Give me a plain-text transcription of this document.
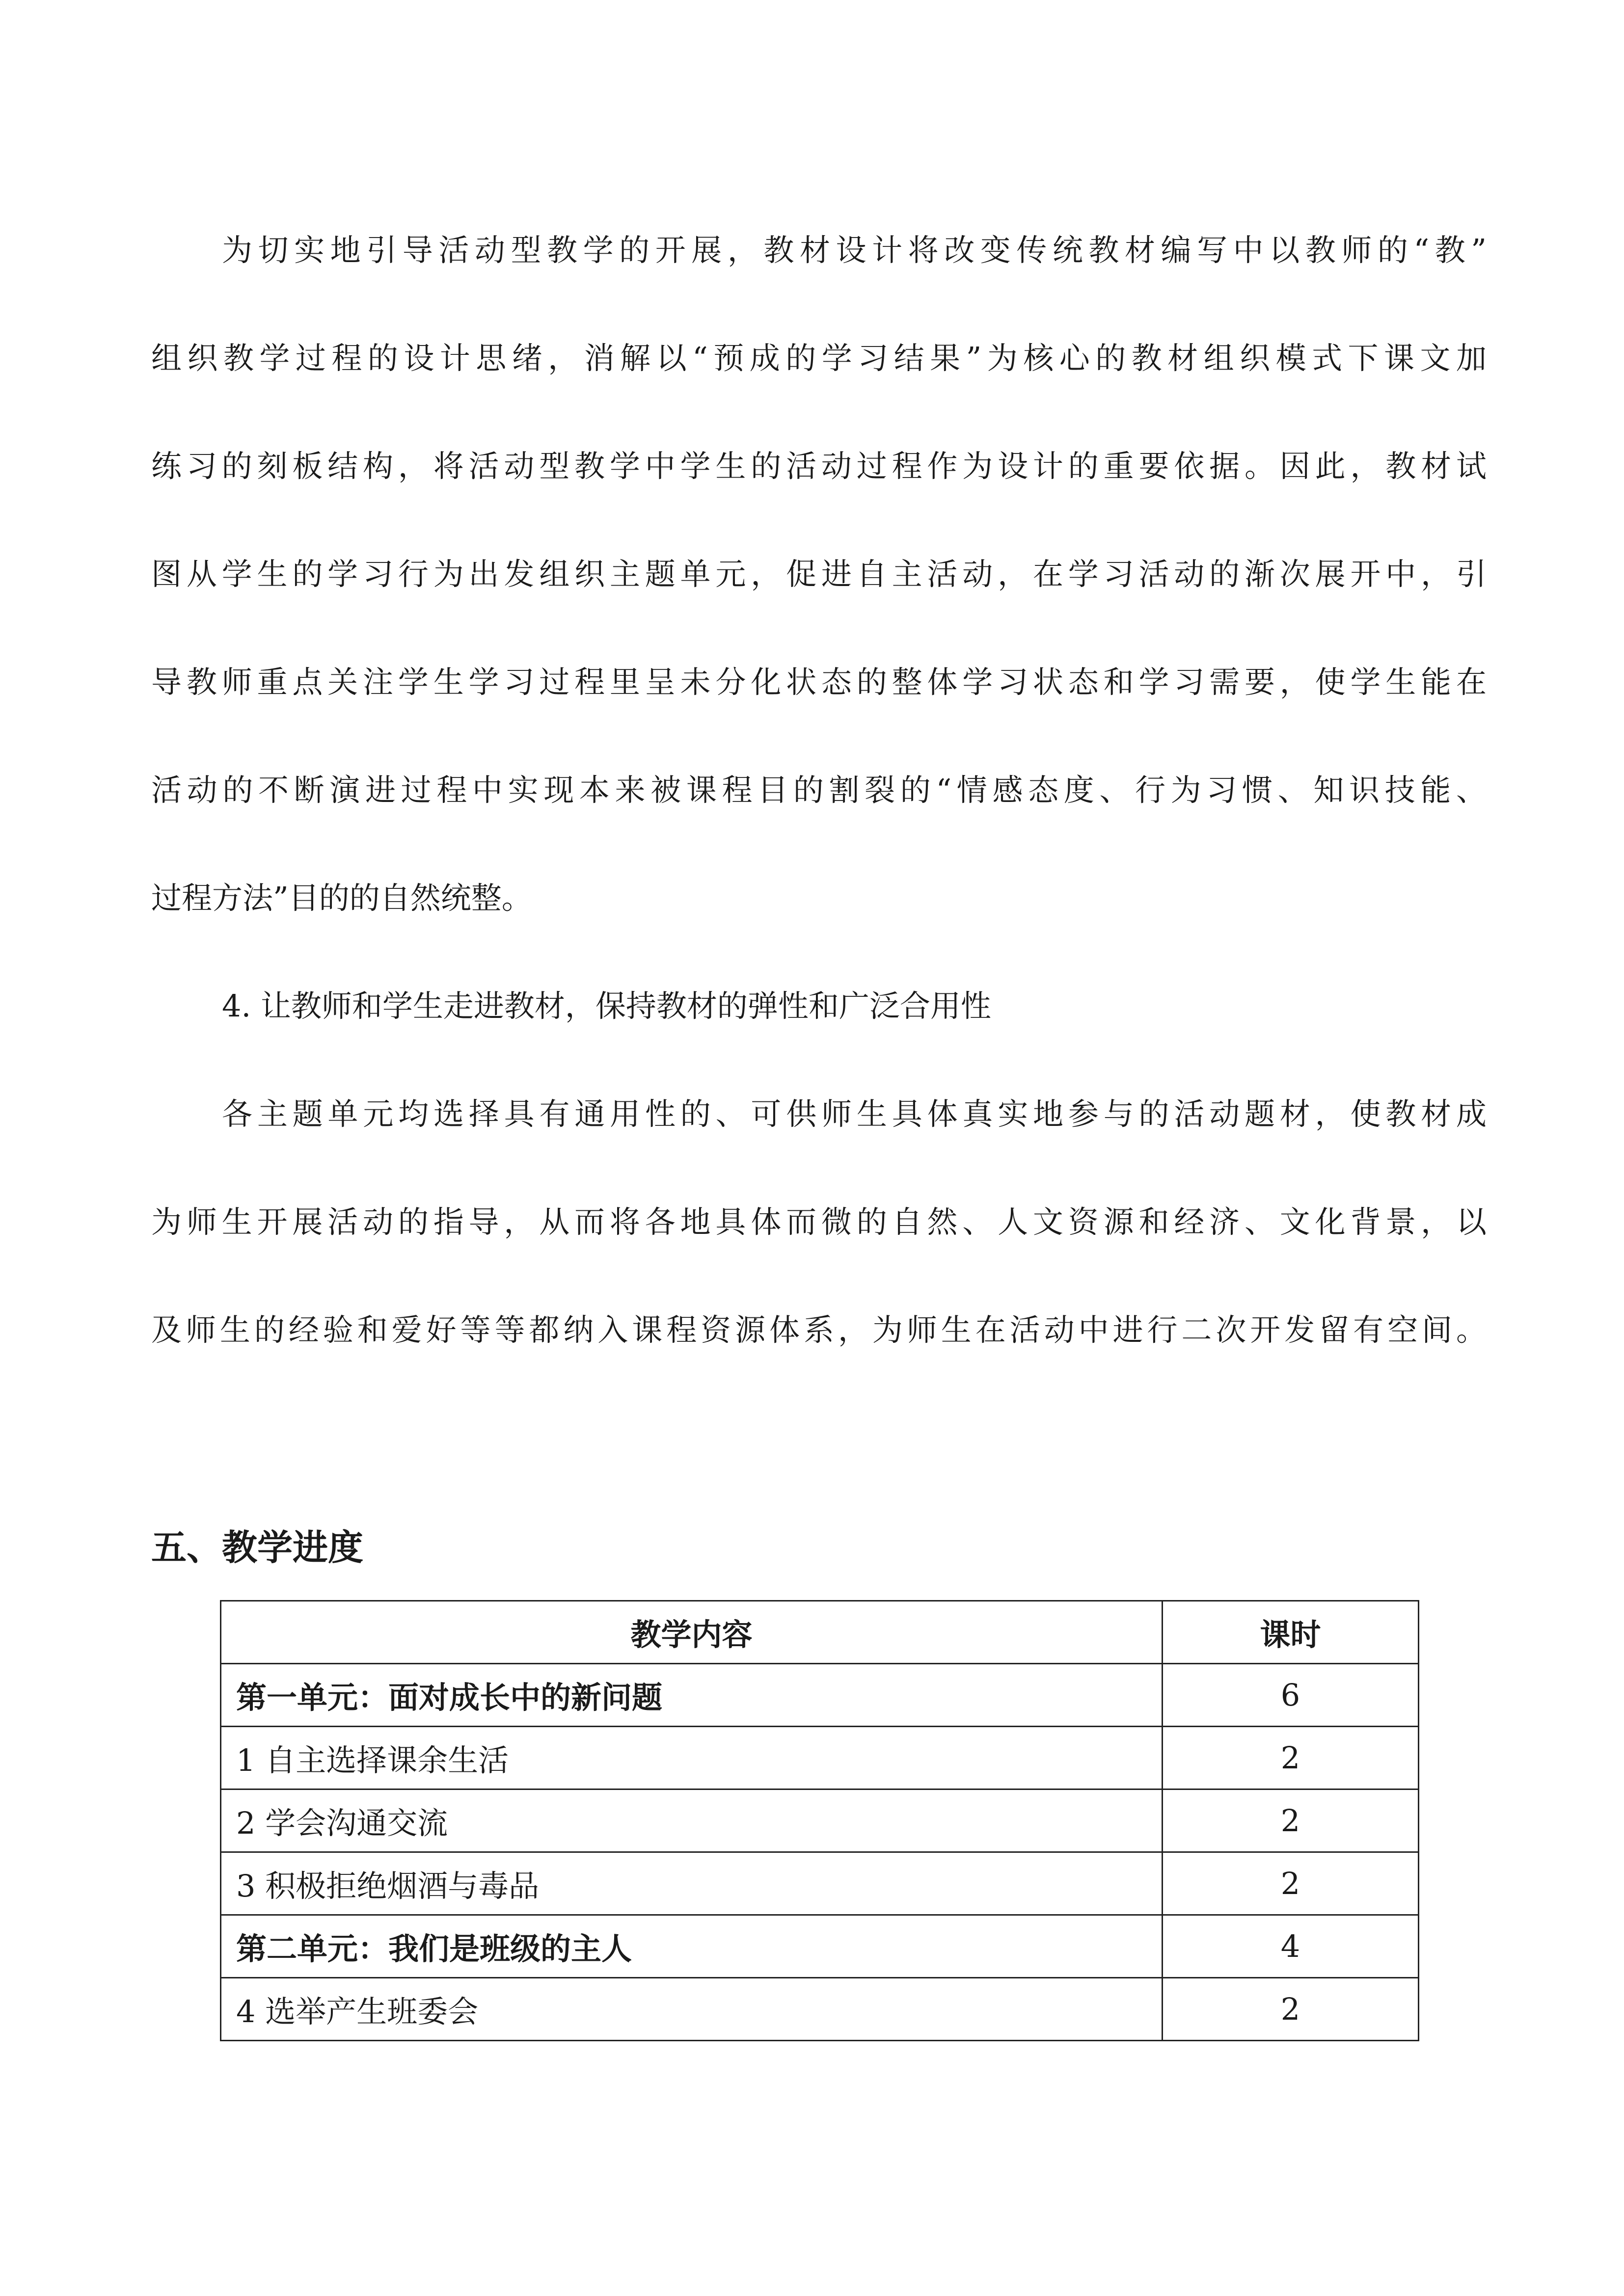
为切实地引导活动型教学的开展，教材设计将改变传统教材编写中以教师的“教”
组织教学过程的设计思绪，消解以“预成的学习结果”为核心的教材组织模式下课文加
练习的刻板结构，将活动型教学中学生的活动过程作为设计的重要依据。因此，教材试
图从学生的学习行为出发组织主题单元，促进自主活动，在学习活动的渐次展开中，引
导教师重点关注学生学习过程里呈未分化状态的整体学习状态和学习需要，使学生能在
活动的不断演进过程中实现本来被课程目的割裂的“情感态度、行为习惯、知识技能、
过程方法”目的的自然统整。
4. 让教师和学生走进教材，保持教材的弹性和广泛合用性
各主题单元均选择具有通用性的、可供师生具体真实地参与的活动题材，使教材成
为师生开展活动的指导，从而将各地具体而微的自然、人文资源和经济、文化背景，以
及师生的经验和爱好等等都纳入课程资源体系，为师生在活动中进行二次开发留有空间。
五、教学进度
教学内容	课时
第一单元：面对成长中的新问题	6
1 自主选择课余生活	2
2 学会沟通交流	2
3 积极拒绝烟酒与毒品	2
第二单元：我们是班级的主人	4
4 选举产生班委会	2
